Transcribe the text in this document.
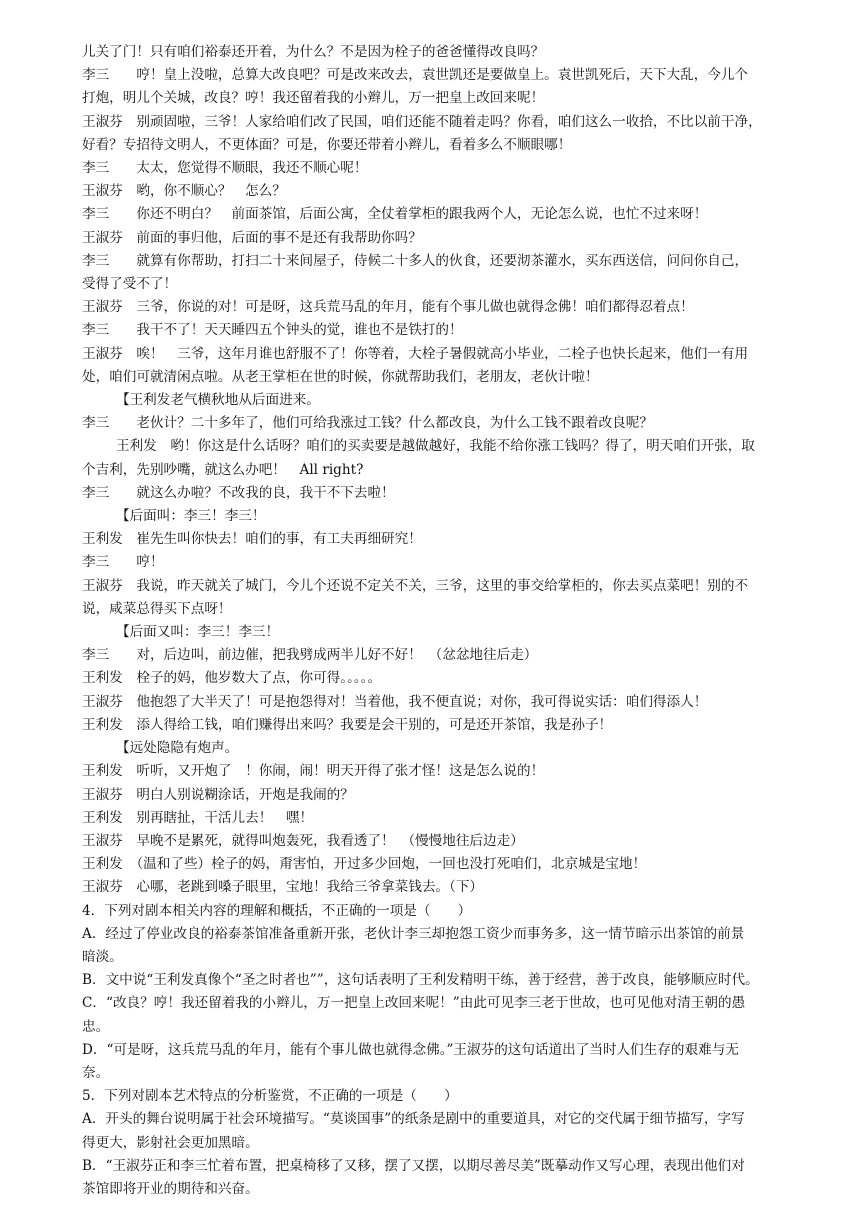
儿关了门！只有咱们裕泰还开着，为什么？不是因为栓子的爸爸懂得改良吗？
李三　　哼！皇上没啦，总算大改良吧？可是改来改去，袁世凯还是要做皇上。袁世凯死后，天下大乱，今儿个
打炮，明儿个关城，改良？哼！我还留着我的小辫儿，万一把皇上改回来呢！
王淑芬　别顽固啦，三爷！人家给咱们改了民国，咱们还能不随着走吗？你看，咱们这么一收拾，不比以前干净，
好看？专招待文明人，不更体面？可是，你要还带着小辫儿，看着多么不顺眼哪！
李三　　太太，您觉得不顺眼，我还不顺心呢！
王淑芬　哟，你不顺心？　怎么？
李三　　你还不明白？　前面茶馆，后面公寓，全仗着掌柜的跟我两个人，无论怎么说，也忙不过来呀！
王淑芬　前面的事归他，后面的事不是还有我帮助你吗？
李三　　就算有你帮助，打扫二十来间屋子，侍候二十多人的伙食，还要沏茶灌水，买东西送信，问问你自己，
受得了受不了！
王淑芬　三爷，你说的对！可是呀，这兵荒马乱的年月，能有个事儿做也就得念佛！咱们都得忍着点！
李三　　我干不了！天天睡四五个钟头的觉，谁也不是铁打的！
王淑芬　唉！　三爷，这年月谁也舒服不了！你等着，大栓子暑假就高小毕业，二栓子也快长起来，他们一有用
处，咱们可就清闲点啦。从老王掌柜在世的时候，你就帮助我们，老朋友，老伙计啦！
【王利发老气横秋地从后面进来。
李三　　老伙计？二十多年了，他们可给我涨过工钱？什么都改良，为什么工钱不跟着改良呢？
王利发　哟！你这是什么话呀？咱们的买卖要是越做越好，我能不给你涨工钱吗？得了，明天咱们开张，取
个吉利，先别吵嘴，就这么办吧！　All right?
李三　　就这么办啦？不改我的良，我干不下去啦！
【后面叫：李三！李三！
王利发　崔先生叫你快去！咱们的事，有工夫再细研究！
李三　　哼！
王淑芬　我说，昨天就关了城门，今儿个还说不定关不关，三爷，这里的事交给掌柜的，你去买点菜吧！别的不
说，咸菜总得买下点呀！
【后面又叫：李三！李三！
李三　　对，后边叫，前边催，把我劈成两半儿好不好！　（忿忿地往后走）
王利发　栓子的妈，他岁数大了点，你可得。。。。。
王淑芬　他抱怨了大半天了！可是抱怨得对！当着他，我不便直说；对你，我可得说实话：咱们得添人！
王利发　添人得给工钱，咱们赚得出来吗？我要是会干别的，可是还开茶馆，我是孙子！
【远处隐隐有炮声。
王利发　听听，又开炮了　！你闹，闹！明天开得了张才怪！这是怎么说的！
王淑芬　明白人别说糊涂话，开炮是我闹的？
王利发　别再瞎扯，干活儿去！　嘿！
王淑芬　早晚不是累死，就得叫炮轰死，我看透了！　（慢慢地往后边走）
王利发　（温和了些）栓子的妈，甭害怕，开过多少回炮，一回也没打死咱们，北京城是宝地！
王淑芬　心哪，老跳到嗓子眼里，宝地！我给三爷拿菜钱去。（下）
4．下列对剧本相关内容的理解和概括，不正确的一项是（　　）
A．经过了停业改良的裕泰茶馆准备重新开张，老伙计李三却抱怨工资少而事务多，这一情节暗示出茶馆的前景
暗淡。
B．文中说“王利发真像个“圣之时者也””，这句话表明了王利发精明干练，善于经营，善于改良，能够顺应时代。
C．“改良？哼！我还留着我的小辫儿，万一把皇上改回来呢！”由此可见李三老于世故，也可见他对清王朝的愚
忠。
D．“可是呀，这兵荒马乱的年月，能有个事儿做也就得念佛。”王淑芬的这句话道出了当时人们生存的艰难与无
奈。
5．下列对剧本艺术特点的分析鉴赏，不正确的一项是（　　）
A．开头的舞台说明属于社会环境描写。“莫谈国事”的纸条是剧中的重要道具，对它的交代属于细节描写，字写
得更大，影射社会更加黑暗。
B．“王淑芬正和李三忙着布置，把桌椅移了又移，摆了又摆，以期尽善尽美”既摹动作又写心理，表现出他们对
茶馆即将开业的期待和兴奋。
